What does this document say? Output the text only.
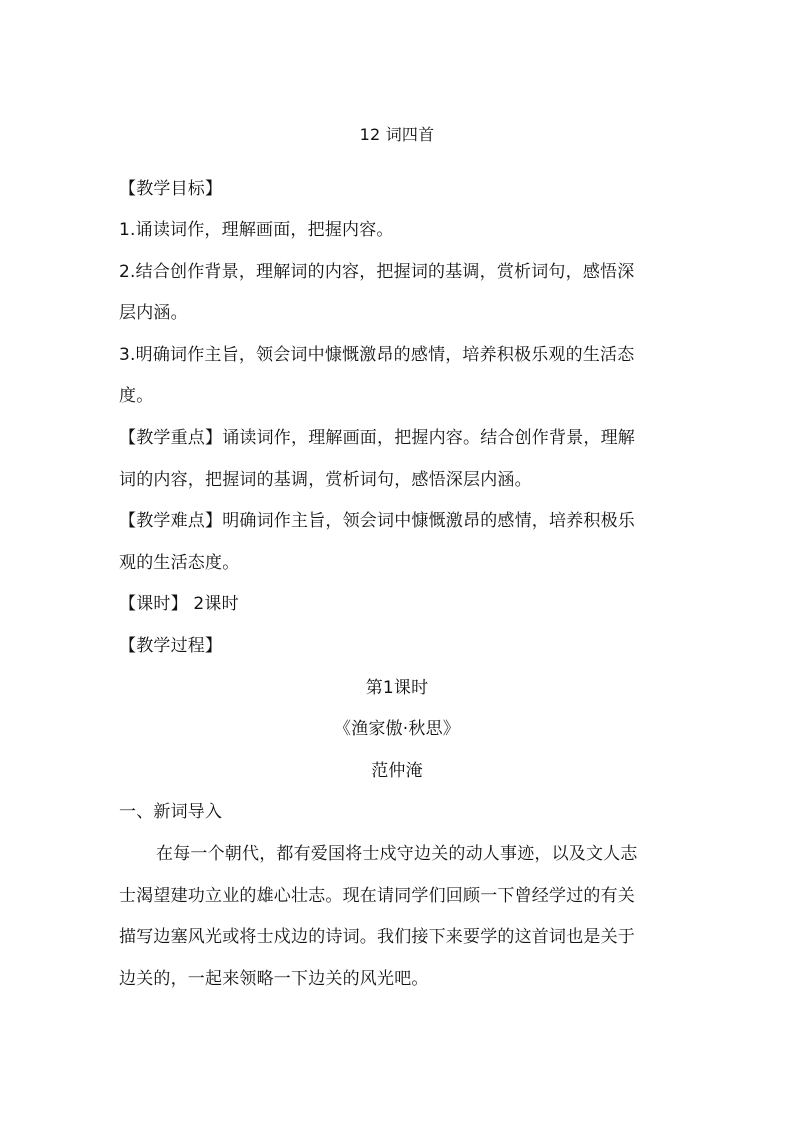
12 词四首
【教学目标】
1.诵读词作，理解画面，把握内容。
2.结合创作背景，理解词的内容，把握词的基调，赏析词句，感悟深
层内涵。
3.明确词作主旨，领会词中慷慨激昂的感情，培养积极乐观的生活态
度。
【教学重点】诵读词作，理解画面，把握内容。结合创作背景，理解
词的内容，把握词的基调，赏析词句，感悟深层内涵。
【教学难点】明确词作主旨，领会词中慷慨激昂的感情，培养积极乐
观的生活态度。
【课时】 2课时
【教学过程】
第1课时
《渔家傲·秋思》
范仲淹
一、新词导入
在每一个朝代，都有爱国将士戍守边关的动人事迹，以及文人志
士渴望建功立业的雄心壮志。现在请同学们回顾一下曾经学过的有关
描写边塞风光或将士戍边的诗词。我们接下来要学的这首词也是关于
边关的，一起来领略一下边关的风光吧。
